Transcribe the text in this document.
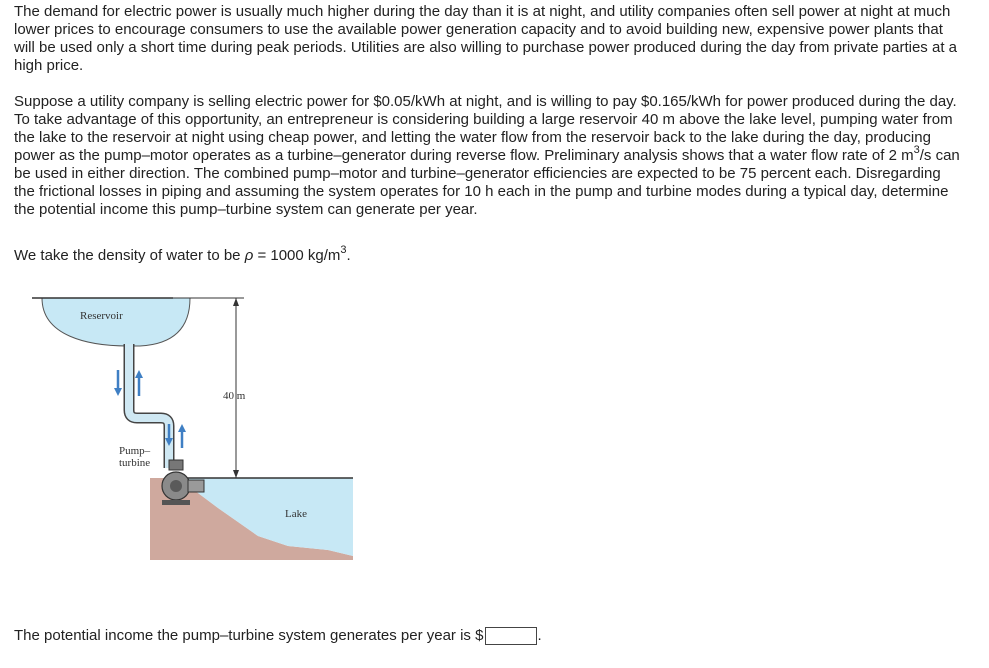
The demand for electric power is usually much higher during the day than it is at night, and utility companies often sell power at night at much lower prices to encourage consumers to use the available power generation capacity and to avoid building new, expensive power plants that will be used only a short time during peak periods. Utilities are also willing to purchase power produced during the day from private parties at a high price.

Suppose a utility company is selling electric power for $0.05/kWh at night, and is willing to pay $0.165/kWh for power produced during the day. To take advantage of this opportunity, an entrepreneur is considering building a large reservoir 40 m above the lake level, pumping water from the lake to the reservoir at night using cheap power, and letting the water flow from the reservoir back to the lake during the day, producing power as the pump–motor operates as a turbine–generator during reverse flow. Preliminary analysis shows that a water flow rate of 2 $m^3/s$ can be used in either direction. The combined pump–motor and turbine–generator efficiencies are expected to be 75 percent each. Disregarding the frictional losses in piping and assuming the system operates for 10 h each in the pump and turbine modes during a typical day, determine the potential income this pump–turbine system can generate per year.

We take the density of water to be ρ = 1000 $kg/m^3$.

Reservoir
40 m
Pump–
turbine
Lake
The potential income the pump–turbine system generates per year is $	.
